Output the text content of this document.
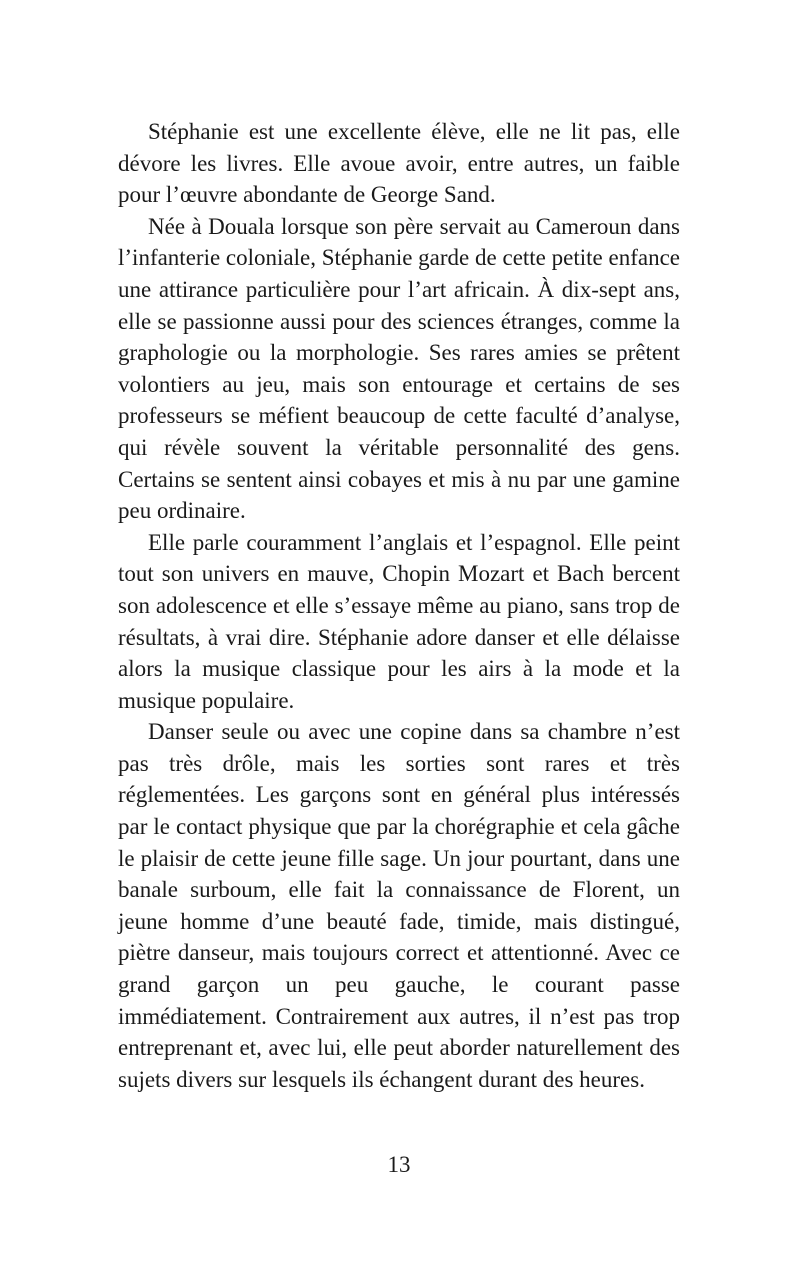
Stéphanie est une excellente élève, elle ne lit pas, elle dévore les livres. Elle avoue avoir, entre autres, un faible pour l’œuvre abondante de George Sand.

Née à Douala lorsque son père servait au Cameroun dans l’infanterie coloniale, Stéphanie garde de cette petite enfance une attirance particulière pour l’art africain. À dix-sept ans, elle se passionne aussi pour des sciences étranges, comme la graphologie ou la morphologie. Ses rares amies se prêtent volontiers au jeu, mais son entourage et certains de ses professeurs se méfient beaucoup de cette faculté d’analyse, qui révèle souvent la véritable personnalité des gens. Certains se sentent ainsi cobayes et mis à nu par une gamine peu ordinaire.

Elle parle couramment l’anglais et l’espagnol. Elle peint tout son univers en mauve, Chopin Mozart et Bach bercent son adolescence et elle s’essaye même au piano, sans trop de résultats, à vrai dire. Stéphanie adore danser et elle délaisse alors la musique classique pour les airs à la mode et la musique populaire.

Danser seule ou avec une copine dans sa chambre n’est pas très drôle, mais les sorties sont rares et très réglementées. Les garçons sont en général plus intéressés par le contact physique que par la chorégraphie et cela gâche le plaisir de cette jeune fille sage. Un jour pourtant, dans une banale surboum, elle fait la connaissance de Florent, un jeune homme d’une beauté fade, timide, mais distingué, piètre danseur, mais toujours correct et attentionné. Avec ce grand garçon un peu gauche, le courant passe immédiatement. Contrairement aux autres, il n’est pas trop entreprenant et, avec lui, elle peut aborder naturellement des sujets divers sur lesquels ils échangent durant des heures.

13
